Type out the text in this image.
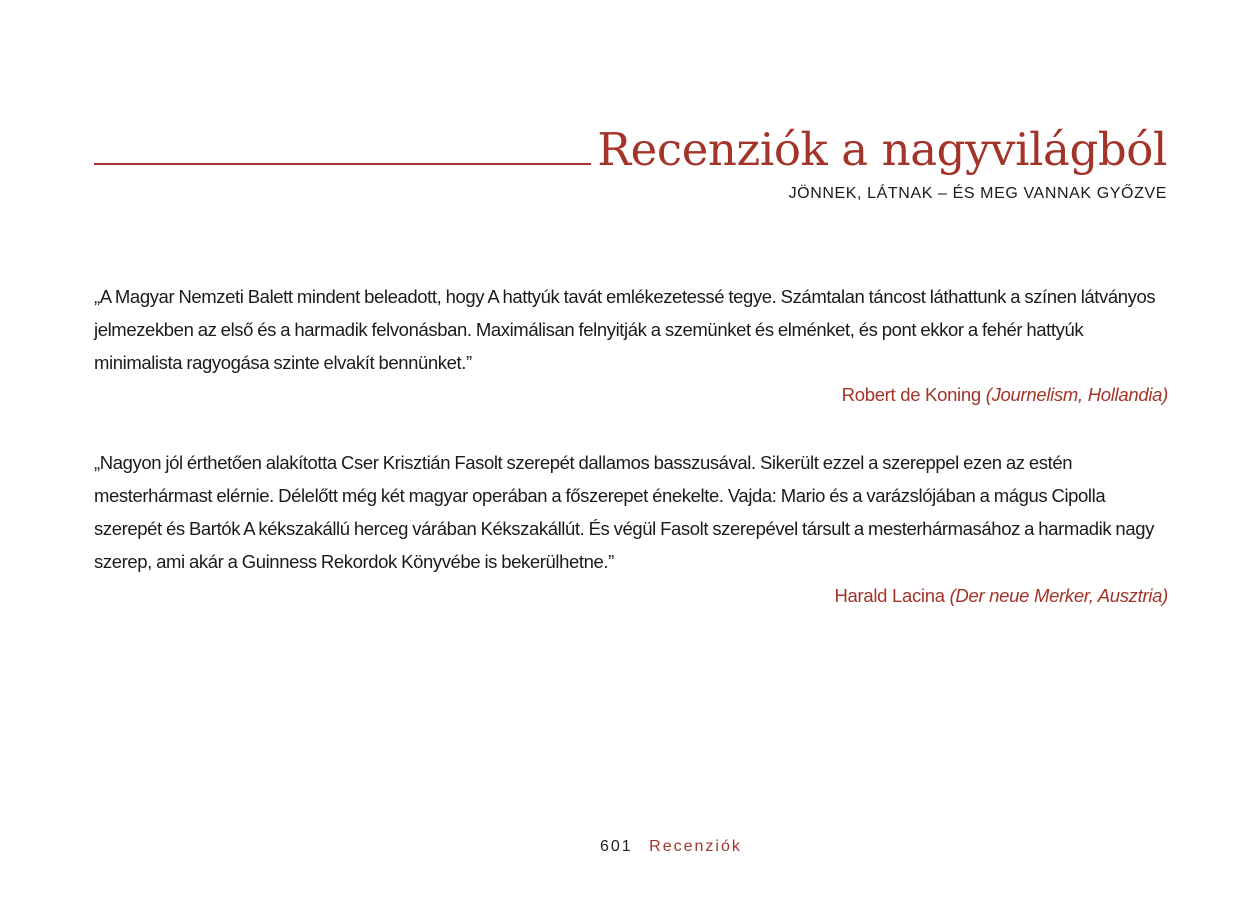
Recenziók a nagyvilágból
JÖNNEK, LÁTNAK – ÉS MEG VANNAK GYŐZVE

„A Magyar Nemzeti Balett mindent beleadott, hogy A hattyúk tavát emlékezetessé tegye. Számtalan táncost láthattunk a színen látványos jelmezekben az első és a harmadik felvonásban. Maximálisan felnyitják a szemünket és elménket, és pont ekkor a fehér hattyúk minimalista ragyogása szinte elvakít bennünket.”

Robert de Koning (Journelism, Hollandia)

„Nagyon jól érthetően alakította Cser Krisztián Fasolt szerepét dallamos basszusával. Sikerült ezzel a szereppel ezen az estén mesterhármast elérnie. Délelőtt még két magyar operában a főszerepet énekelte. Vajda: Mario és a varázslójában a mágus Cipolla szerepét és Bartók A kékszakállú herceg várában Kékszakállút. És végül Fasolt szerepével társult a mesterhármasához a harmadik nagy szerep, ami akár a Guinness Rekordok Könyvébe is bekerülhetne.”

Harald Lacina (Der neue Merker, Ausztria)

601 Recenziók
